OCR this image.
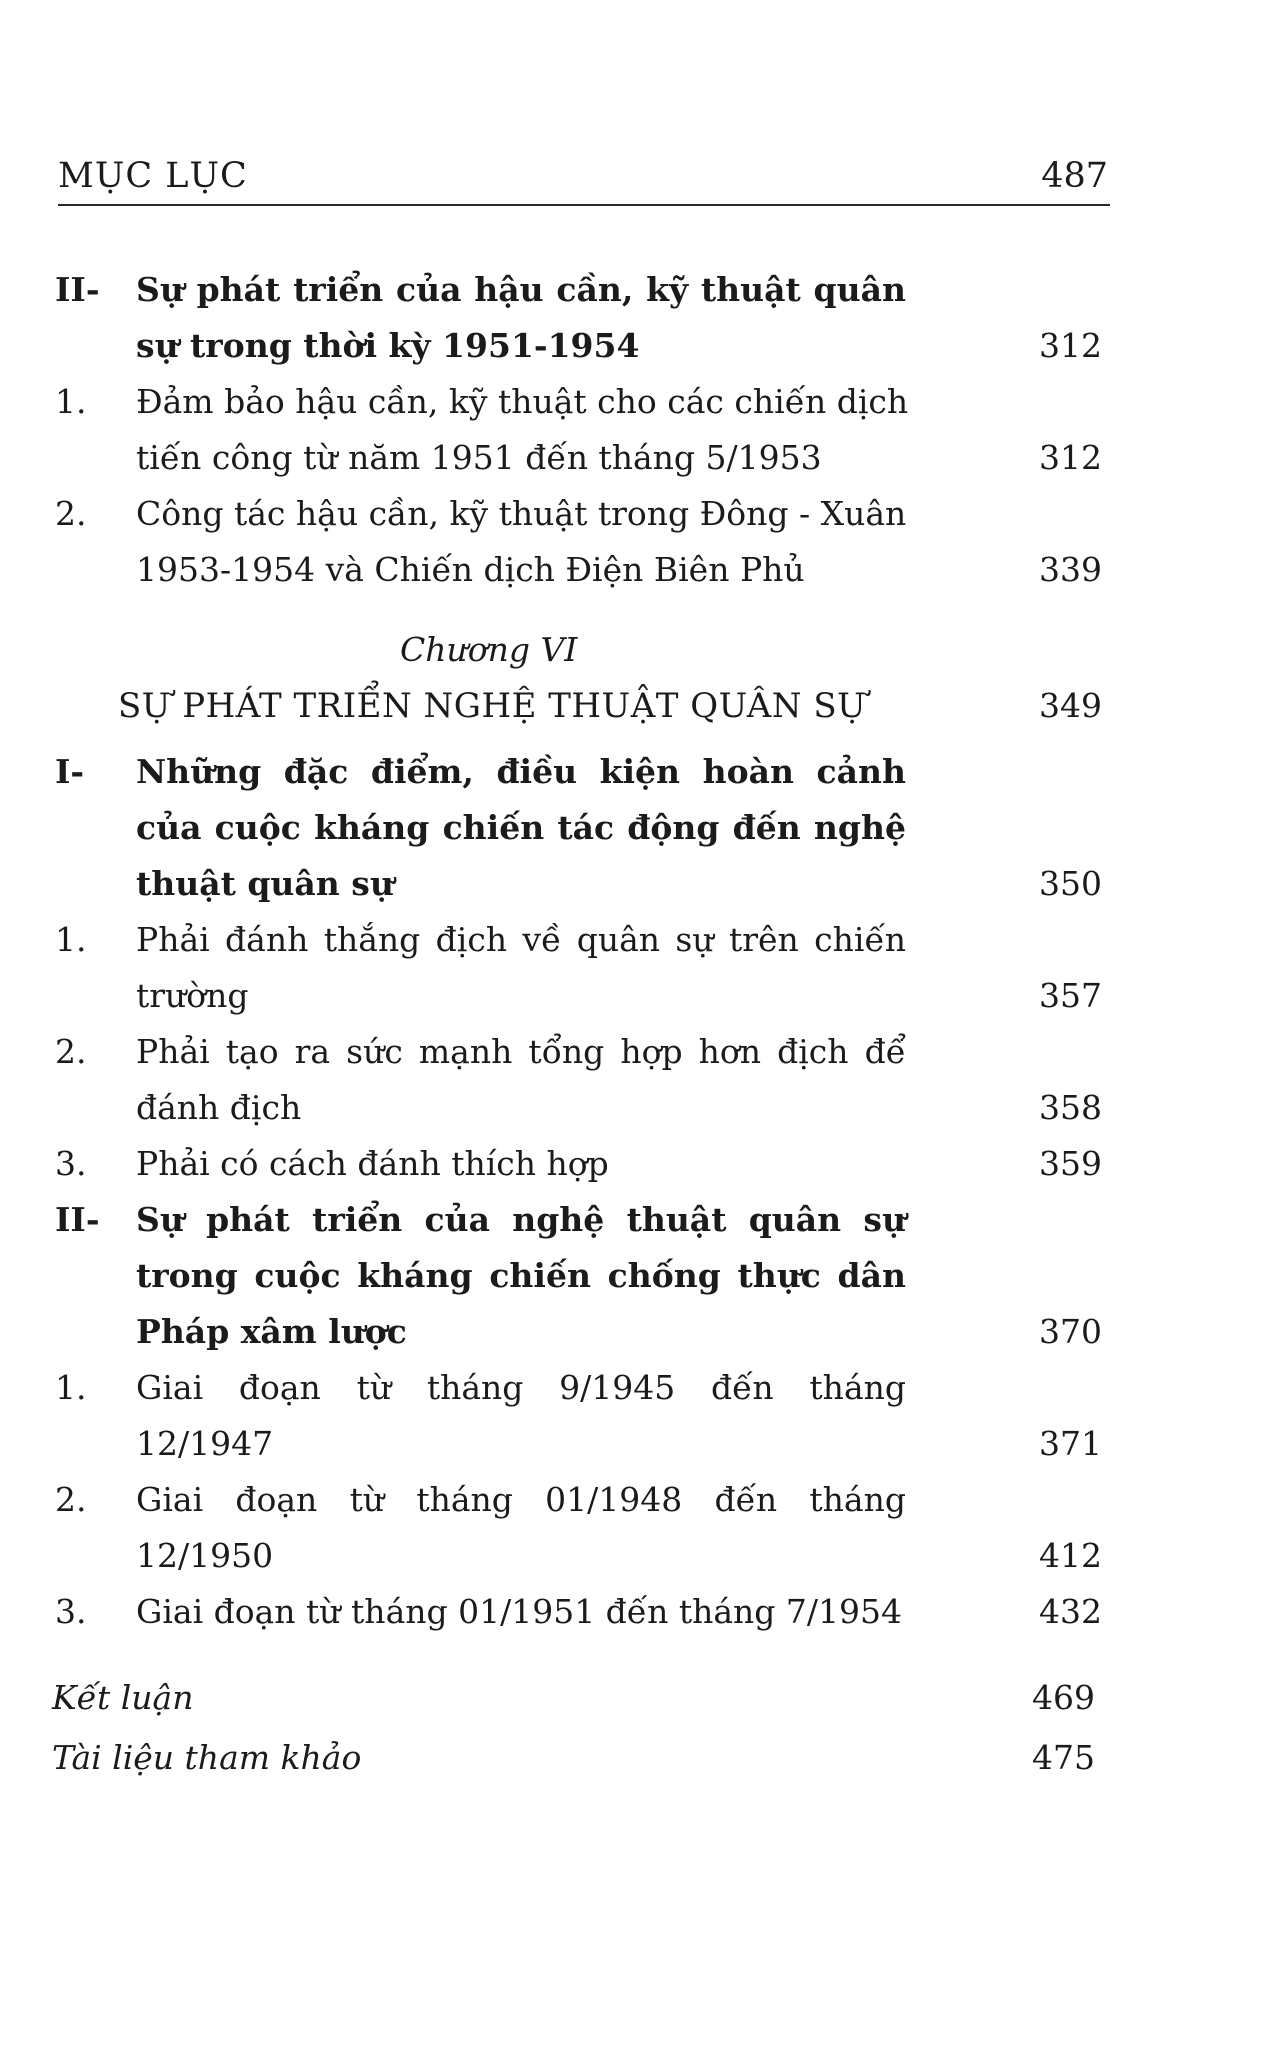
MỤC LỤC	487
II- Sự phát triển của hậu cần, kỹ thuật quân
sự trong thời kỳ 1951-1954	312
1. Đảm bảo hậu cần, kỹ thuật cho các chiến dịch
tiến công từ năm 1951 đến tháng 5/1953	312
2. Công tác hậu cần, kỹ thuật trong Đông - Xuân
1953-1954 và Chiến dịch Điện Biên Phủ	339
Chương VI
SỰ PHÁT TRIỂN NGHỆ THUẬT QUÂN SỰ	349
I- Những đặc điểm, điều kiện hoàn cảnh
của cuộc kháng chiến tác động đến nghệ
thuật quân sự	350
1. Phải đánh thắng địch về quân sự trên chiến
trường	357
2. Phải tạo ra sức mạnh tổng hợp hơn địch để
đánh địch	358
3. Phải có cách đánh thích hợp	359
II- Sự phát triển của nghệ thuật quân sự
trong cuộc kháng chiến chống thực dân
Pháp xâm lược	370
1. Giai đoạn từ tháng 9/1945 đến tháng
12/1947	371
2. Giai đoạn từ tháng 01/1948 đến tháng
12/1950	412
3. Giai đoạn từ tháng 01/1951 đến tháng 7/1954	432
Kết luận	469
Tài liệu tham khảo	475
